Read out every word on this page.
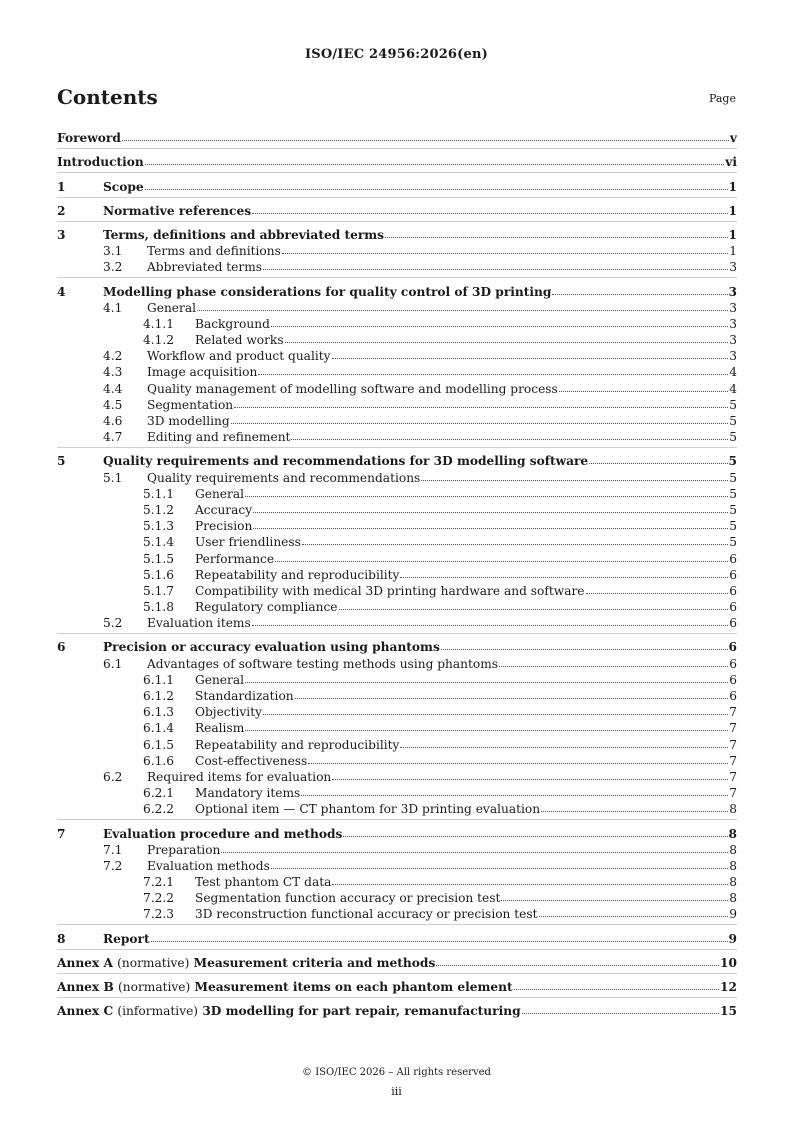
ISO/IEC 24956:2026(en)
Contents	Page
Foreword	v
Introduction	vi
1	Scope	1
2	Normative references	1
3	Terms, definitions and abbreviated terms	1
3.1	Terms and definitions	1
3.2	Abbreviated terms	3
4	Modelling phase considerations for quality control of 3D printing	3
4.1	General	3
4.1.1	Background	3
4.1.2	Related works	3
4.2	Workflow and product quality	3
4.3	Image acquisition	4
4.4	Quality management of modelling software and modelling process	4
4.5	Segmentation	5
4.6	3D modelling	5
4.7	Editing and refinement	5
5	Quality requirements and recommendations for 3D modelling software	5
5.1	Quality requirements and recommendations	5
5.1.1	General	5
5.1.2	Accuracy	5
5.1.3	Precision	5
5.1.4	User friendliness	5
5.1.5	Performance	6
5.1.6	Repeatability and reproducibility	6
5.1.7	Compatibility with medical 3D printing hardware and software	6
5.1.8	Regulatory compliance	6
5.2	Evaluation items	6
6	Precision or accuracy evaluation using phantoms	6
6.1	Advantages of software testing methods using phantoms	6
6.1.1	General	6
6.1.2	Standardization	6
6.1.3	Objectivity	7
6.1.4	Realism	7
6.1.5	Repeatability and reproducibility	7
6.1.6	Cost-effectiveness	7
6.2	Required items for evaluation	7
6.2.1	Mandatory items	7
6.2.2	Optional item — CT phantom for 3D printing evaluation	8
7	Evaluation procedure and methods	8
7.1	Preparation	8
7.2	Evaluation methods	8
7.2.1	Test phantom CT data	8
7.2.2	Segmentation function accuracy or precision test	8
7.2.3	3D reconstruction functional accuracy or precision test	9
8	Report	9
Annex A (normative) Measurement criteria and methods	10
Annex B (normative) Measurement items on each phantom element	12
Annex C (informative) 3D modelling for part repair, remanufacturing	15
© ISO/IEC 2026 – All rights reserved
iii
